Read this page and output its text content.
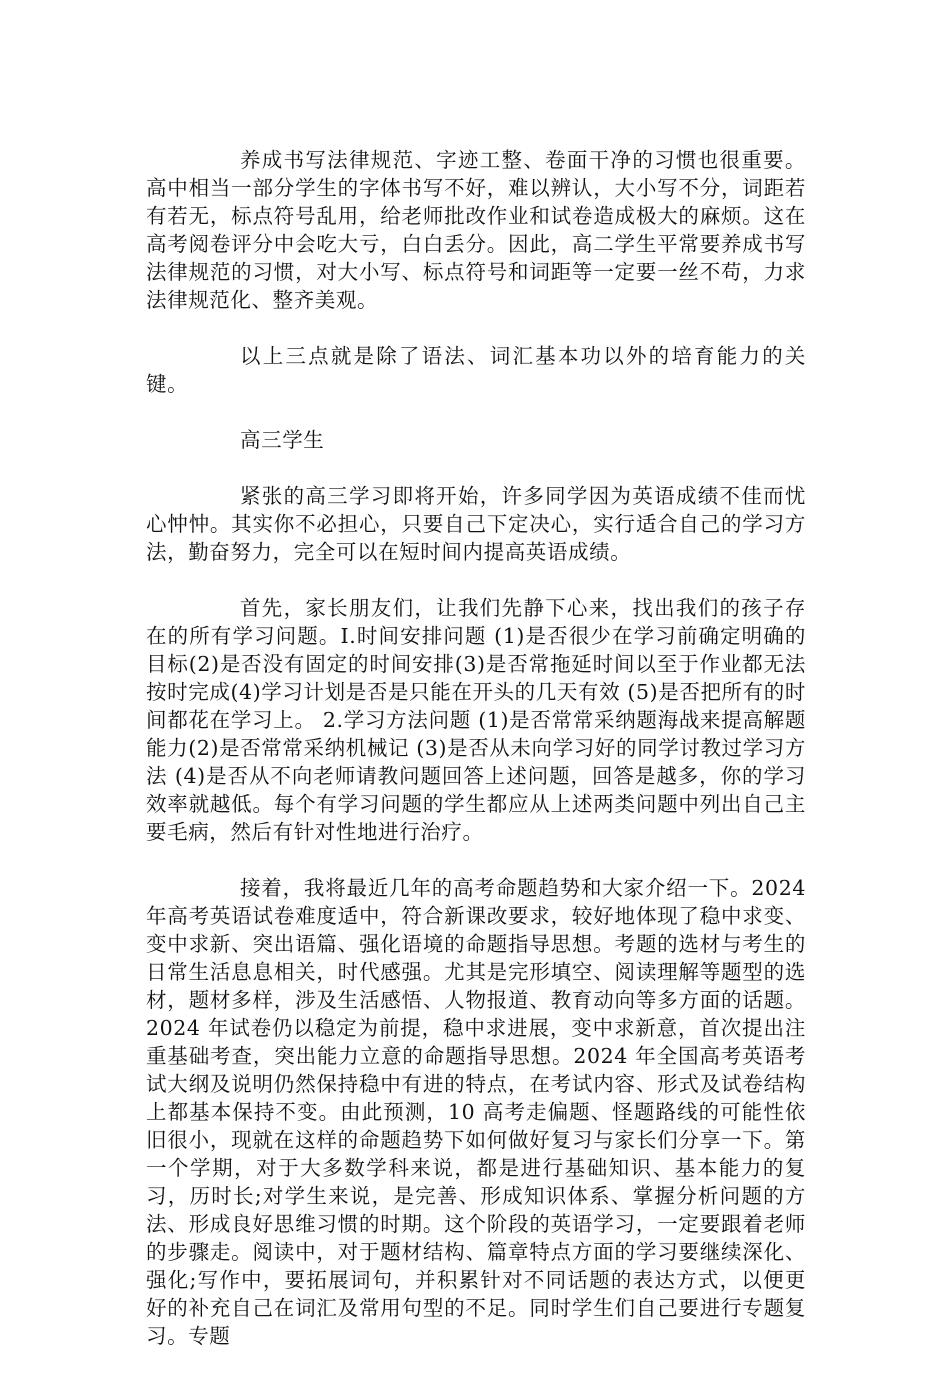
养成书写法律规范、字迹工整、卷面干净的习惯也很重要。高中相当一部分学生的字体书写不好，难以辨认，大小写不分，词距若有若无，标点符号乱用，给老师批改作业和试卷造成极大的麻烦。这在高考阅卷评分中会吃大亏，白白丢分。因此，高二学生平常要养成书写法律规范的习惯，对大小写、标点符号和词距等一定要一丝不苟，力求法律规范化、整齐美观。

以上三点就是除了语法、词汇基本功以外的培育能力的关键。

高三学生

紧张的高三学习即将开始，许多同学因为英语成绩不佳而忧心忡忡。其实你不必担心，只要自己下定决心，实行适合自己的学习方法，勤奋努力，完全可以在短时间内提高英语成绩。

首先，家长朋友们，让我们先静下心来，找出我们的孩子存在的所有学习问题。I.时间安排问题 (1)是否很少在学习前确定明确的目标(2)是否没有固定的时间安排(3)是否常拖延时间以至于作业都无法按时完成(4)学习计划是否是只能在开头的几天有效 (5)是否把所有的时间都花在学习上。 2.学习方法问题 (1)是否常常采纳题海战来提高解题能力(2)是否常常采纳机械记 (3)是否从未向学习好的同学讨教过学习方法 (4)是否从不向老师请教问题回答上述问题，回答是越多，你的学习效率就越低。每个有学习问题的学生都应从上述两类问题中列出自己主要毛病，然后有针对性地进行治疗。

接着，我将最近几年的高考命题趋势和大家介绍一下。2024 年高考英语试卷难度适中，符合新课改要求，较好地体现了稳中求变、变中求新、突出语篇、强化语境的命题指导思想。考题的选材与考生的日常生活息息相关，时代感强。尤其是完形填空、阅读理解等题型的选材，题材多样，涉及生活感悟、人物报道、教育动向等多方面的话题。2024 年试卷仍以稳定为前提，稳中求进展，变中求新意，首次提出注重基础考查，突出能力立意的命题指导思想。2024 年全国高考英语考试大纲及说明仍然保持稳中有进的特点，在考试内容、形式及试卷结构上都基本保持不变。由此预测，10 高考走偏题、怪题路线的可能性依旧很小，现就在这样的命题趋势下如何做好复习与家长们分享一下。第一个学期，对于大多数学科来说，都是进行基础知识、基本能力的复习，历时长;对学生来说，是完善、形成知识体系、掌握分析问题的方法、形成良好思维习惯的时期。这个阶段的英语学习，一定要跟着老师的步骤走。阅读中，对于题材结构、篇章特点方面的学习要继续深化、强化;写作中，要拓展词句，并积累针对不同话题的表达方式，以便更好的补充自己在词汇及常用句型的不足。同时学生们自己要进行专题复习。专题
